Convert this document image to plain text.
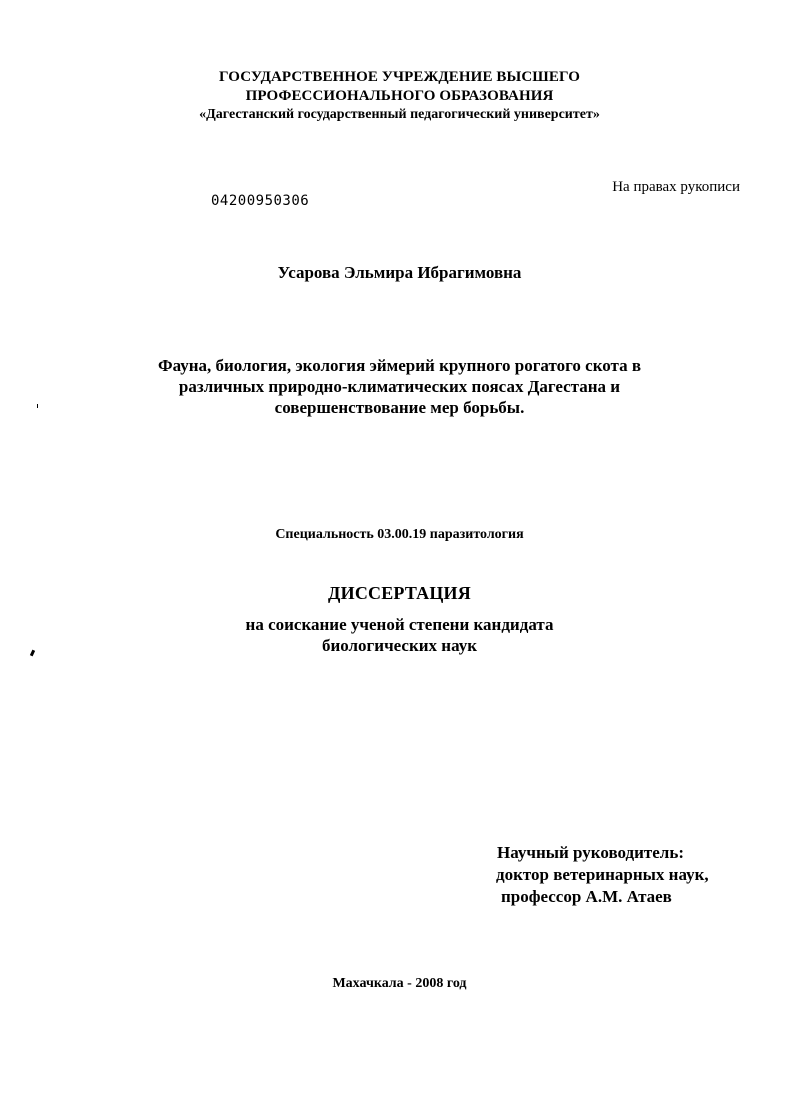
ГОСУДАРСТВЕННОЕ УЧРЕЖДЕНИЕ ВЫСШЕГО
ПРОФЕССИОНАЛЬНОГО ОБРАЗОВАНИЯ
«Дагестанский государственный педагогический университет»
На правах рукописи
04200950306
Усарова Эльмира Ибрагимовна
Фауна, биология, экология эймерий крупного рогатого скота в
различных природно-климатических поясах Дагестана и
совершенствование мер борьбы.
Специальность 03.00.19 паразитология
ДИССЕРТАЦИЯ
на соискание ученой степени кандидата
биологических наук
Научный руководитель:
доктор ветеринарных наук,
профессор А.М. Атаев
Махачкала - 2008 год
